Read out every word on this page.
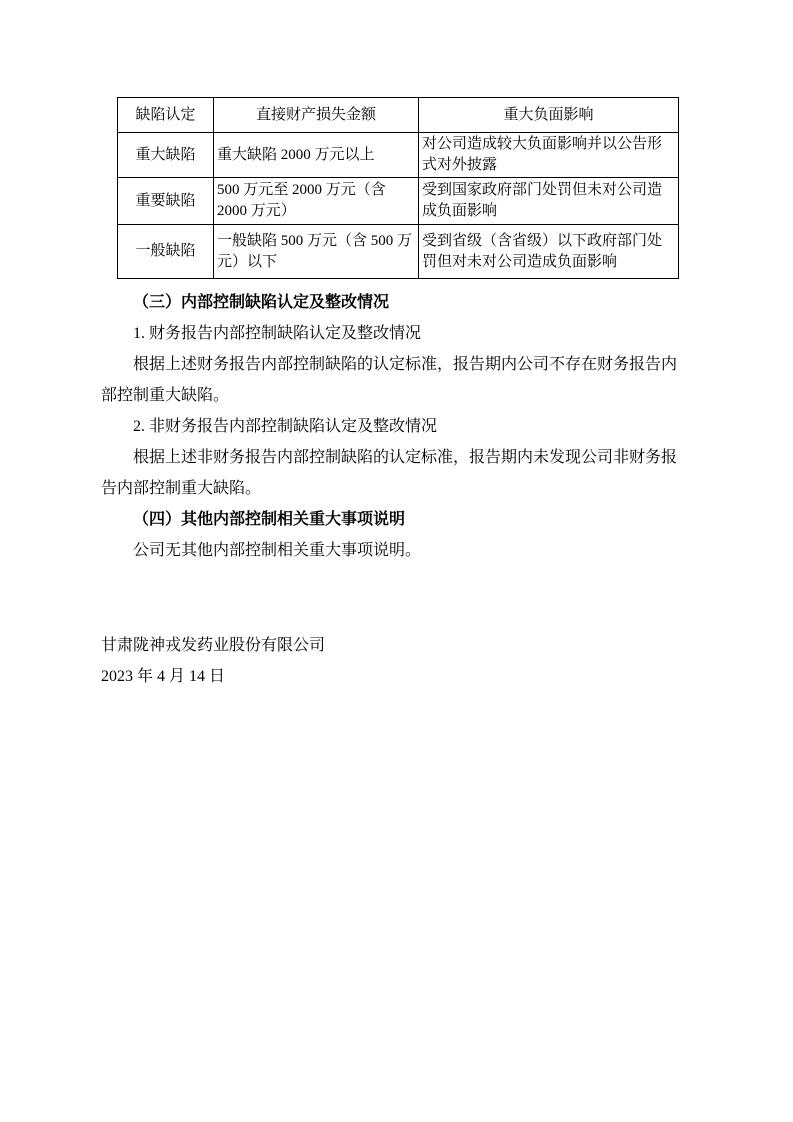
缺陷认定	直接财产损失金额	重大负面影响
重大缺陷	重大缺陷 2000 万元以上	对公司造成较大负面影响并以公告形式对外披露
重要缺陷	500 万元至 2000 万元（含 2000 万元）	受到国家政府部门处罚但未对公司造成负面影响
一般缺陷	一般缺陷 500 万元（含 500 万元）以下	受到省级（含省级）以下政府部门处罚但对未对公司造成负面影响

（三）内部控制缺陷认定及整改情况

1. 财务报告内部控制缺陷认定及整改情况

根据上述财务报告内部控制缺陷的认定标准，报告期内公司不存在财务报告内部控制重大缺陷。

2. 非财务报告内部控制缺陷认定及整改情况

根据上述非财务报告内部控制缺陷的认定标准，报告期内未发现公司非财务报告内部控制重大缺陷。

（四）其他内部控制相关重大事项说明

公司无其他内部控制相关重大事项说明。

甘肃陇神戎发药业股份有限公司

2023 年 4 月 14 日
